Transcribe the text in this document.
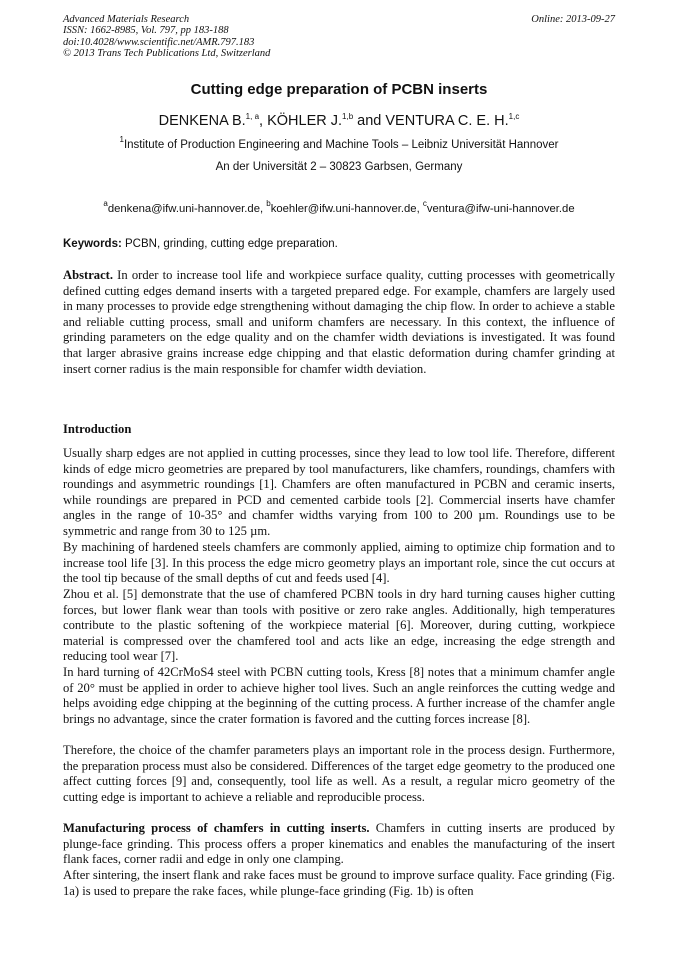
Advanced Materials Research
ISSN: 1662-8985, Vol. 797, pp 183-188
doi:10.4028/www.scientific.net/AMR.797.183
© 2013 Trans Tech Publications Ltd, Switzerland
Online: 2013-09-27
Cutting edge preparation of PCBN inserts
DENKENA B.$^{1, a}$, KÖHLER J.$^{1,b}$ and VENTURA C. E. H.$^{1,c}$
$^1$Institute of Production Engineering and Machine Tools – Leibniz Universität Hannover
An der Universität 2 – 30823 Garbsen, Germany
$^a$denkena@ifw.uni-hannover.de, $^b$koehler@ifw.uni-hannover.de, $^c$ventura@ifw-uni-hannover.de
Keywords: PCBN, grinding, cutting edge preparation.

Abstract. In order to increase tool life and workpiece surface quality, cutting processes with geometrically defined cutting edges demand inserts with a targeted prepared edge. For example, chamfers are largely used in many processes to provide edge strengthening without damaging the chip flow. In order to achieve a stable and reliable cutting process, small and uniform chamfers are necessary. In this context, the influence of grinding parameters on the edge quality and on the chamfer width deviations is investigated. It was found that larger abrasive grains increase edge chipping and that elastic deformation during chamfer grinding at insert corner radius is the main responsible for chamfer width deviation.

Introduction

Usually sharp edges are not applied in cutting processes, since they lead to low tool life. Therefore, different kinds of edge micro geometries are prepared by tool manufacturers, like chamfers, roundings, chamfers with roundings and asymmetric roundings [1]. Chamfers are often manufactured in PCBN and ceramic inserts, while roundings are prepared in PCD and cemented carbide tools [2]. Commercial inserts have chamfer angles in the range of 10-35° and chamfer widths varying from 100 to 200 µm. Roundings use to be symmetric and range from 30 to 125 µm.

By machining of hardened steels chamfers are commonly applied, aiming to optimize chip formation and to increase tool life [3]. In this process the edge micro geometry plays an important role, since the cut occurs at the tool tip because of the small depths of cut and feeds used [4].

Zhou et al. [5] demonstrate that the use of chamfered PCBN tools in dry hard turning causes higher cutting forces, but lower flank wear than tools with positive or zero rake angles. Additionally, high temperatures contribute to the plastic softening of the workpiece material [6]. Moreover, during cutting, workpiece material is compressed over the chamfered tool and acts like an edge, increasing the edge strength and reducing tool wear [7].

In hard turning of 42CrMoS4 steel with PCBN cutting tools, Kress [8] notes that a minimum chamfer angle of 20° must be applied in order to achieve higher tool lives. Such an angle reinforces the cutting wedge and helps avoiding edge chipping at the beginning of the cutting process. A further increase of the chamfer angle brings no advantage, since the crater formation is favored and the cutting forces increase [8].

Therefore, the choice of the chamfer parameters plays an important role in the process design. Furthermore, the preparation process must also be considered. Differences of the target edge geometry to the produced one affect cutting forces [9] and, consequently, tool life as well. As a result, a regular micro geometry of the cutting edge is important to achieve a reliable and reproducible process.

Manufacturing process of chamfers in cutting inserts. Chamfers in cutting inserts are produced by plunge-face grinding. This process offers a proper kinematics and enables the manufacturing of the insert flank faces, corner radii and edge in only one clamping.

After sintering, the insert flank and rake faces must be ground to improve surface quality. Face grinding (Fig. 1a) is used to prepare the rake faces, while plunge-face grinding (Fig. 1b) is often
